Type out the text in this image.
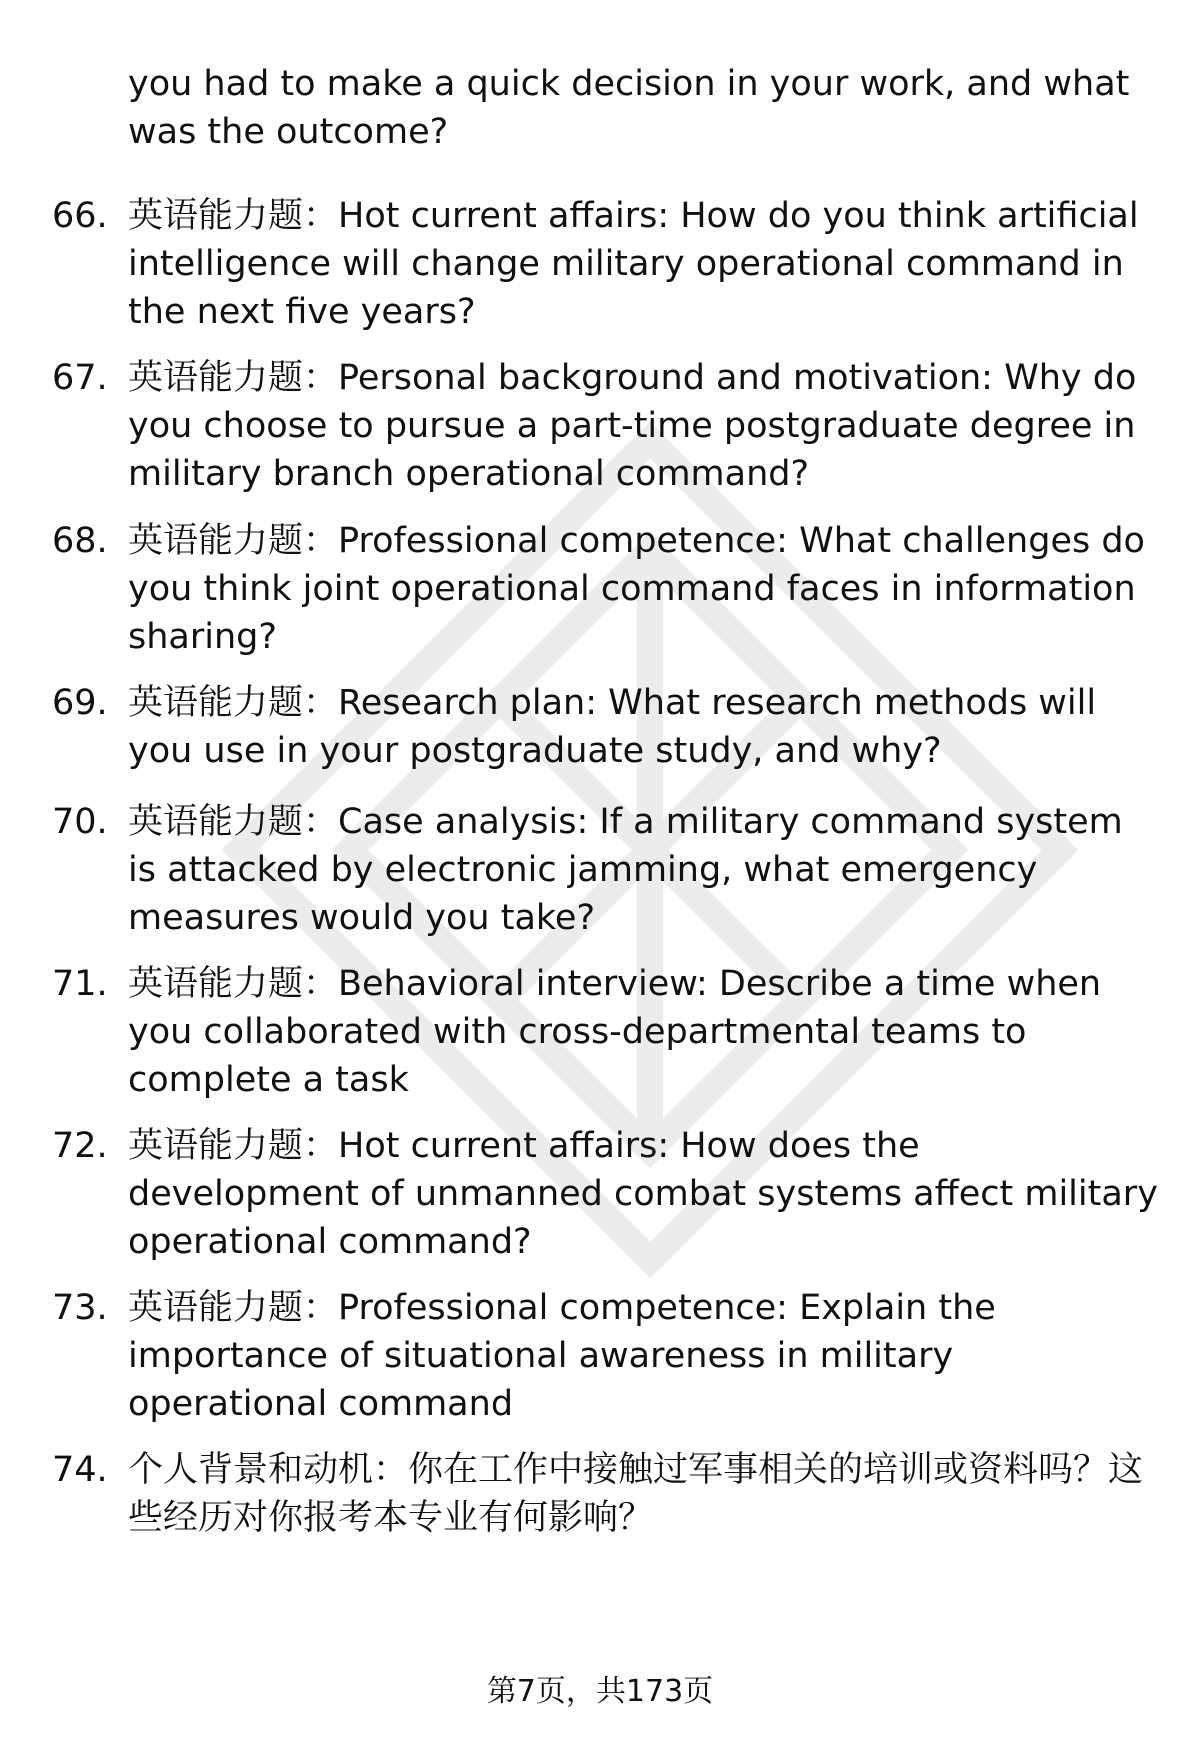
you had to make a quick decision in your work, and what was the outcome?
66. 英语能力题：Hot current affairs: How do you think artificial intelligence will change military operational command in the next five years?
67. 英语能力题：Personal background and motivation: Why do you choose to pursue a part-time postgraduate degree in military branch operational command?
68. 英语能力题：Professional competence: What challenges do you think joint operational command faces in information sharing?
69. 英语能力题：Research plan: What research methods will you use in your postgraduate study, and why?
70. 英语能力题：Case analysis: If a military command system is attacked by electronic jamming, what emergency measures would you take?
71. 英语能力题：Behavioral interview: Describe a time when you collaborated with cross-departmental teams to complete a task
72. 英语能力题：Hot current affairs: How does the development of unmanned combat systems affect military operational command?
73. 英语能力题：Professional competence: Explain the importance of situational awareness in military operational command
74. 个人背景和动机：你在工作中接触过军事相关的培训或资料吗？这些经历对你报考本专业有何影响？
第7页，共173页
